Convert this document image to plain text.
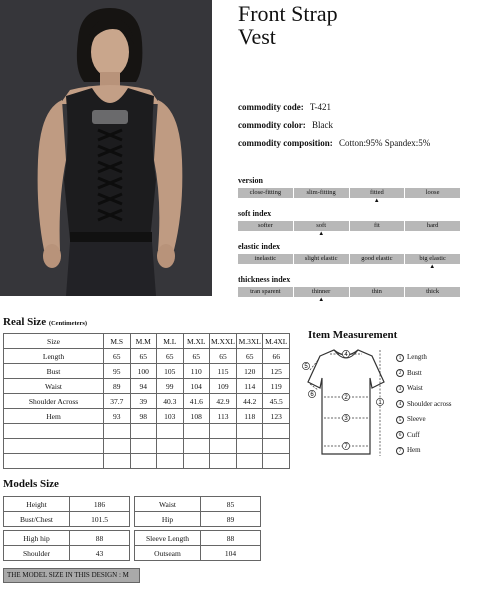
Front Strap
Vest
commodity code: T-421
commodity color: Black
commodity composition: Cotton:95% Spandex:5%
version
close-fitting	slim-fitting	fitted	loose
▲
soft index
softer	soft	fit	hard
▲
elastic index
inelastic	slight elastic	good elastic	big elastic
▲
thickness index
tran sparent	thinner	thin	thick
▲
Real Size (Centimeters)
Size	M.S	M.M	M.L	M.XL	M.XXL	M.3XL	M.4XL
Length	65	65	65	65	65	65	66
Bust	95	100	105	110	115	120	125
Waist	89	94	99	104	109	114	119
Shoulder Across	37.7	39	40.3	41.6	42.9	44.2	45.5
Hem	93	98	103	108	113	118	123

Item Measurement
4
2
3
7
1
5
6
1 Length
2 Bustt
3 Waist
4 Shoulder across
5 Sleeve
6 Cuff
7 Hem
Models Size
Height	186
Bust/Chest	101.5
Waist	85
Hip	89
High hip	88
Shoulder	43
Sleeve Length	88
Outseam	104
THE MODEL SIZE IN THIS DESIGN : M
